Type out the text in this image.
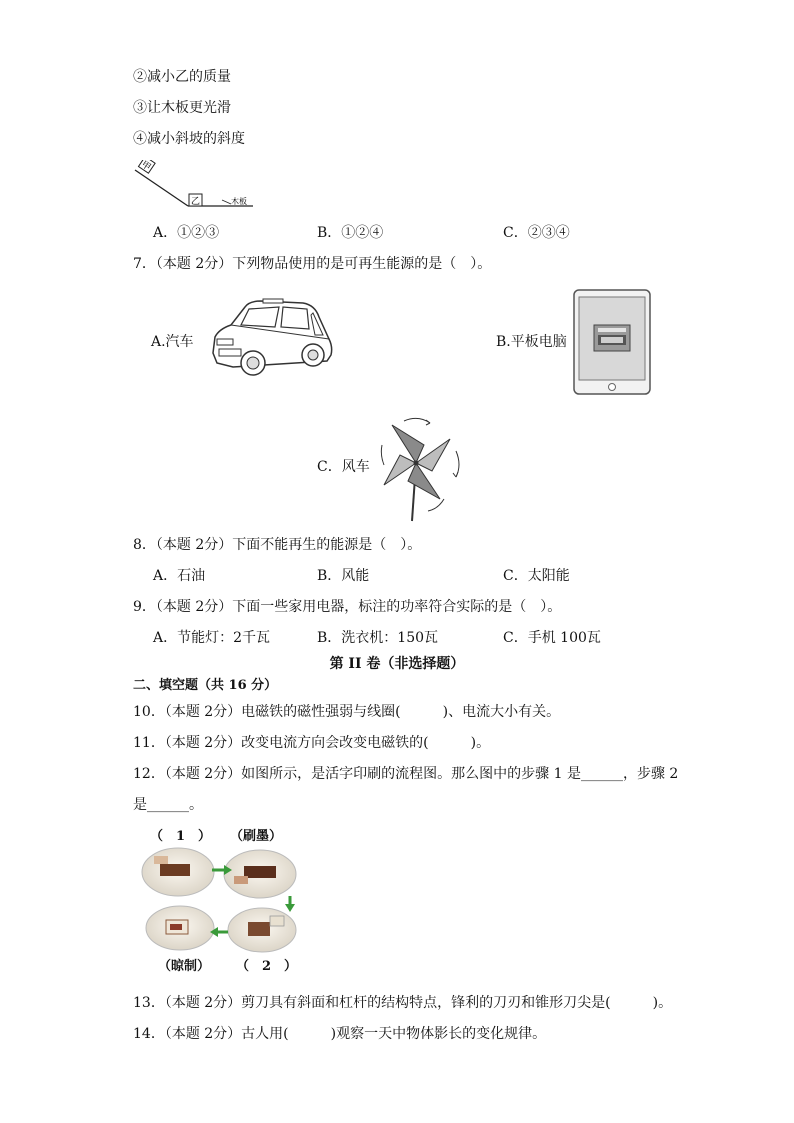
②减小乙的质量
③让木板更光滑
④减小斜坡的斜度
甲
乙	木板
A．①②③	B．①②④	C．②③④
7．（本题 2分）下列物品使用的是可再生能源的是（　）。
A.汽车	B.平板电脑
C．风车
8．（本题 2分）下面不能再生的能源是（　）。
A．石油	B．风能	C．太阳能
9．（本题 2分）下面一些家用电器，标注的功率符合实际的是（　）。
A．节能灯：2千瓦	B．洗衣机：150瓦	C．手机 100瓦
第 II 卷（非选择题）
二、填空题（共 16 分）
10．（本题 2分）电磁铁的磁性强弱与线圈(　　　)、电流大小有关。
11．（本题 2分）改变电流方向会改变电磁铁的(　　　)。
12．（本题 2分）如图所示，是活字印刷的流程图。那么图中的步骤 1 是______，步骤 2
是______。
（　1　） （刷墨）
（晾制） （　2　）
13．（本题 2分）剪刀具有斜面和杠杆的结构特点，锋利的刀刃和锥形刀尖是(　　　)。
14．（本题 2分）古人用(　　　)观察一天中物体影长的变化规律。
